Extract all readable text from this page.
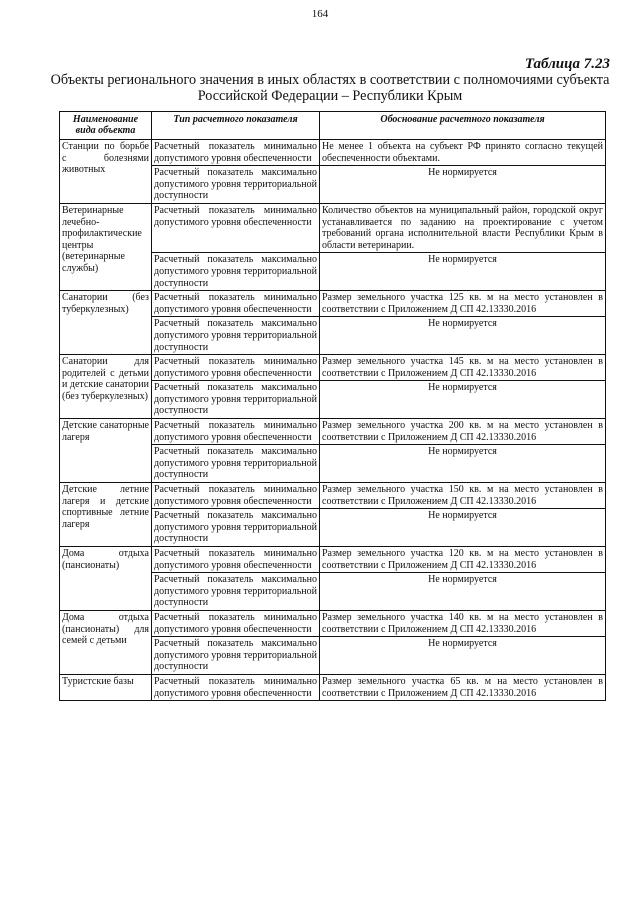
164
Таблица 7.23
Объекты регионального значения в иных областях в соответствии с полномочиями субъекта Российской Федерации – Республики Крым
Наименование вида объекта	Тип расчетного показателя	Обоснование расчетного показателя
Станции по борьбе с болезнями животных	Расчетный показатель минимально допустимого уровня обеспеченности	Не менее 1 объекта на субъект РФ принято согласно текущей обеспеченности объектами.
	Расчетный показатель максимально допустимого уровня территориальной доступности	Не нормируется
Ветеринарные лечебно-профилактические центры (ветеринарные службы)	Расчетный показатель минимально допустимого уровня обеспеченности	Количество объектов на муниципальный район, городской округ устанавливается по заданию на проектирование с учетом требований органа исполнительной власти Республики Крым в области ветеринарии.
	Расчетный показатель максимально допустимого уровня территориальной доступности	Не нормируется
Санатории (без туберкулезных)	Расчетный показатель минимально допустимого уровня обеспеченности	Размер земельного участка 125 кв. м на место установлен в соответствии с Приложением Д СП 42.13330.2016
	Расчетный показатель максимально допустимого уровня территориальной доступности	Не нормируется
Санатории для родителей с детьми и детские санатории (без туберкулезных)	Расчетный показатель минимально допустимого уровня обеспеченности	Размер земельного участка 145 кв. м на место установлен в соответствии с Приложением Д СП 42.13330.2016
	Расчетный показатель максимально допустимого уровня территориальной доступности	Не нормируется
Детские санаторные лагеря	Расчетный показатель минимально допустимого уровня обеспеченности	Размер земельного участка 200 кв. м на место установлен в соответствии с Приложением Д СП 42.13330.2016
	Расчетный показатель максимально допустимого уровня территориальной доступности	Не нормируется
Детские летние лагеря и детские спортивные летние лагеря	Расчетный показатель минимально допустимого уровня обеспеченности	Размер земельного участка 150 кв. м на место установлен в соответствии с Приложением Д СП 42.13330.2016
	Расчетный показатель максимально допустимого уровня территориальной доступности	Не нормируется
Дома отдыха (пансионаты)	Расчетный показатель минимально допустимого уровня обеспеченности	Размер земельного участка 120 кв. м на место установлен в соответствии с Приложением Д СП 42.13330.2016
	Расчетный показатель максимально допустимого уровня территориальной доступности	Не нормируется
Дома отдыха (пансионаты) для семей с детьми	Расчетный показатель минимально допустимого уровня обеспеченности	Размер земельного участка 140 кв. м на место установлен в соответствии с Приложением Д СП 42.13330.2016
	Расчетный показатель максимально допустимого уровня территориальной доступности	Не нормируется
Туристские базы	Расчетный показатель минимально допустимого уровня обеспеченности	Размер земельного участка 65 кв. м на место установлен в соответствии с Приложением Д СП 42.13330.2016
